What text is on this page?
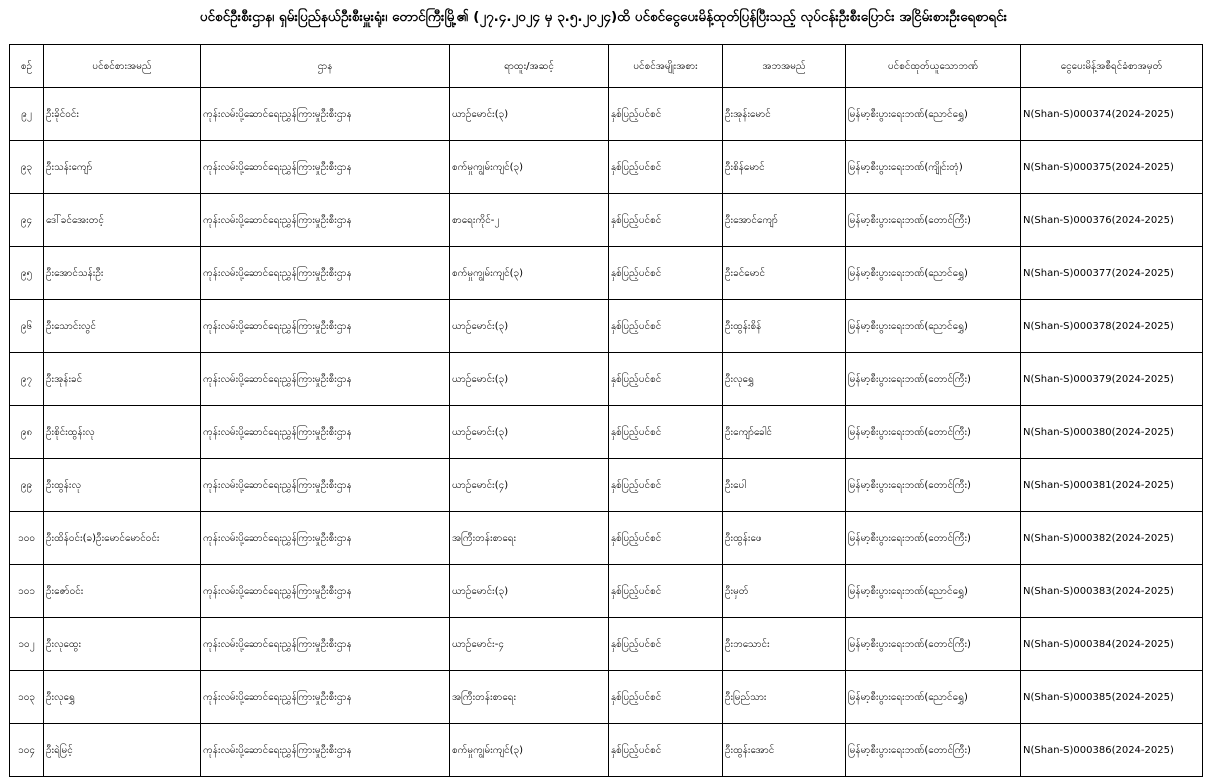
ပင်စင်ဦးစီးဌာန၊ ရှမ်းပြည်နယ်ဦးစီးမှူးရုံး၊ တောင်ကြီးမြို့၏ (၂၇.၄.၂၀၂၄ မှ ၃.၅.၂၀၂၄)ထိ ပင်စင်ငွေပေးမိန့်ထုတ်ပြန်ပြီးသည့် လုပ်ငန်းဦးစီးပြောင်း အငြိမ်းစားဦးရေစာရင်း
စဉ်	ပင်စင်စားအမည်	ဌာန	ရာထူး/အဆင့်	ပင်စင်အမျိုးအစား	အဘအမည်	ပင်စင်ထုတ်ယူသောဘဏ်	ငွေပေးမိန့်အစီရင်ခံစာအမှတ်
၉၂	ဦးခိုင်ဝင်း	ကုန်းလမ်းပို့ဆောင်ရေးညွှန်ကြားမှုဦးစီးဌာန	ယာဉ်မောင်း(၃)	နှစ်ပြည့်ပင်စင်	ဦးအုန်းမောင်	မြန်မာ့စီးပွားရေးဘဏ်(ညောင်ရွှေ)	N(Shan-S)000374(2024-2025)
၉၃	ဦးသန်းကျော်	ကုန်းလမ်းပို့ဆောင်ရေးညွှန်ကြားမှုဦးစီးဌာန	စက်မှုကျွမ်းကျင်(၃)	နှစ်ပြည့်ပင်စင်	ဦးစိန်မောင်	မြန်မာ့စီးပွားရေးဘဏ်(ကျိုင်းတုံ)	N(Shan-S)000375(2024-2025)
၉၄	ဒေါ်ခင်အေးတင့်	ကုန်းလမ်းပို့ဆောင်ရေးညွှန်ကြားမှုဦးစီးဌာန	စာရေးကိုင်-၂	နှစ်ပြည့်ပင်စင်	ဦးအောင်ကျော်	မြန်မာ့စီးပွားရေးဘဏ်(တောင်ကြီး)	N(Shan-S)000376(2024-2025)
၉၅	ဦးအောင်သန်းဦး	ကုန်းလမ်းပို့ဆောင်ရေးညွှန်ကြားမှုဦးစီးဌာန	စက်မှုကျွမ်းကျင်(၃)	နှစ်ပြည့်ပင်စင်	ဦးခင်မောင်	မြန်မာ့စီးပွားရေးဘဏ်(ညောင်ရွှေ)	N(Shan-S)000377(2024-2025)
၉၆	ဦးသောင်းလွင်	ကုန်းလမ်းပို့ဆောင်ရေးညွှန်ကြားမှုဦးစီးဌာန	ယာဉ်မောင်း(၃)	နှစ်ပြည့်ပင်စင်	ဦးထွန်းစိန်	မြန်မာ့စီးပွားရေးဘဏ်(ညောင်ရွှေ)	N(Shan-S)000378(2024-2025)
၉၇	ဦးအုန်းခင်	ကုန်းလမ်းပို့ဆောင်ရေးညွှန်ကြားမှုဦးစီးဌာန	ယာဉ်မောင်း(၃)	နှစ်ပြည့်ပင်စင်	ဦးလုရွှေ	မြန်မာ့စီးပွားရေးဘဏ်(တောင်ကြီး)	N(Shan-S)000379(2024-2025)
၉၈	ဦးစိုင်းထွန်းလု	ကုန်းလမ်းပို့ဆောင်ရေးညွှန်ကြားမှုဦးစီးဌာန	ယာဉ်မောင်း(၃)	နှစ်ပြည့်ပင်စင်	ဦးကျော်ခေါင်	မြန်မာ့စီးပွားရေးဘဏ်(တောင်ကြီး)	N(Shan-S)000380(2024-2025)
၉၉	ဦးထွန်းလု	ကုန်းလမ်းပို့ဆောင်ရေးညွှန်ကြားမှုဦးစီးဌာန	ယာဉ်မောင်း(၄)	နှစ်ပြည့်ပင်စင်	ဦးပေါ	မြန်မာ့စီးပွားရေးဘဏ်(တောင်ကြီး)	N(Shan-S)000381(2024-2025)
၁၀၀	ဦးထိန်ဝင်း(ခ)ဦးမောင်မောင်ဝင်း	ကုန်းလမ်းပို့ဆောင်ရေးညွှန်ကြားမှုဦးစီးဌာန	အကြီးတန်းစာရေး	နှစ်ပြည့်ပင်စင်	ဦးထွန်းဖေ	မြန်မာ့စီးပွားရေးဘဏ်(တောင်ကြီး)	N(Shan-S)000382(2024-2025)
၁၀၁	ဦးဇော်ဝင်း	ကုန်းလမ်းပို့ဆောင်ရေးညွှန်ကြားမှုဦးစီးဌာန	ယာဉ်မောင်း(၃)	နှစ်ပြည့်ပင်စင်	ဦးမှတ်	မြန်မာ့စီးပွားရေးဘဏ်(ညောင်ရွှေ)	N(Shan-S)000383(2024-2025)
၁၀၂	ဦးလုထွေး	ကုန်းလမ်းပို့ဆောင်ရေးညွှန်ကြားမှုဦးစီးဌာန	ယာဉ်မောင်း-၄	နှစ်ပြည့်ပင်စင်	ဦးဘသောင်း	မြန်မာ့စီးပွားရေးဘဏ်(တောင်ကြီး)	N(Shan-S)000384(2024-2025)
၁၀၃	ဦးလုရွှေ	ကုန်းလမ်းပို့ဆောင်ရေးညွှန်ကြားမှုဦးစီးဌာန	အကြီးတန်းစာရေး	နှစ်ပြည့်ပင်စင်	ဦးမြည်သား	မြန်မာ့စီးပွားရေးဘဏ်(ညောင်ရွှေ)	N(Shan-S)000385(2024-2025)
၁၀၄	ဦးရဲမြင့်	ကုန်းလမ်းပို့ဆောင်ရေးညွှန်ကြားမှုဦးစီးဌာန	စက်မှုကျွမ်းကျင်(၃)	နှစ်ပြည့်ပင်စင်	ဦးထွန်းအောင်	မြန်မာ့စီးပွားရေးဘဏ်(တောင်ကြီး)	N(Shan-S)000386(2024-2025)
